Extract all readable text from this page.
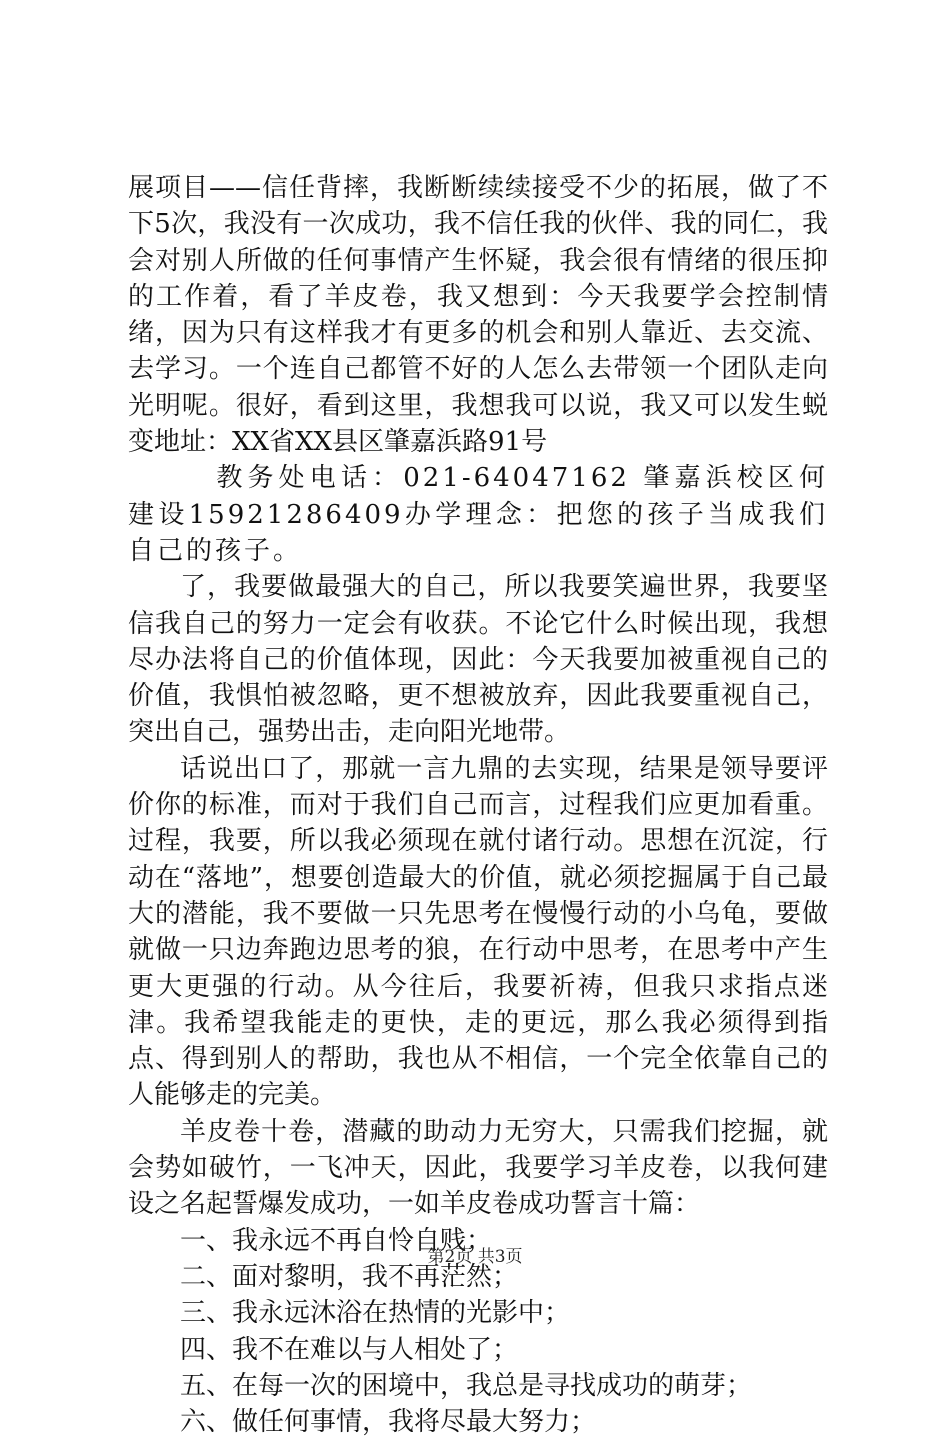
展项目——信任背摔，我断断续续接受不少的拓展，做了不下5次，我没有一次成功，我不信任我的伙伴、我的同仁，我会对别人所做的任何事情产生怀疑，我会很有情绪的很压抑的工作着，看了羊皮卷，我又想到：今天我要学会控制情绪，因为只有这样我才有更多的机会和别人靠近、去交流、去学习。一个连自己都管不好的人怎么去带领一个团队走向光明呢。很好，看到这里，我想我可以说，我又可以发生蜕变地址：XX省XX县区肇嘉浜路91号

教务处电话：021-64047162 肇嘉浜校区何建设15921286409办学理念：把您的孩子当成我们自己的孩子。

了，我要做最强大的自己，所以我要笑遍世界，我要坚信我自己的努力一定会有收获。不论它什么时候出现，我想尽办法将自己的价值体现，因此：今天我要加被重视自己的价值，我惧怕被忽略，更不想被放弃，因此我要重视自己，突出自己，强势出击，走向阳光地带。

话说出口了，那就一言九鼎的去实现，结果是领导要评价你的标准，而对于我们自己而言，过程我们应更加看重。过程，我要，所以我必须现在就付诸行动。思想在沉淀，行动在“落地”，想要创造最大的价值，就必须挖掘属于自己最大的潜能，我不要做一只先思考在慢慢行动的小乌龟，要做就做一只边奔跑边思考的狼，在行动中思考，在思考中产生更大更强的行动。从今往后，我要祈祷，但我只求指点迷津。我希望我能走的更快，走的更远，那么我必须得到指点、得到别人的帮助，我也从不相信，一个完全依靠自己的人能够走的完美。

羊皮卷十卷，潜藏的助动力无穷大，只需我们挖掘，就会势如破竹，一飞冲天，因此，我要学习羊皮卷，以我何建设之名起誓爆发成功，一如羊皮卷成功誓言十篇：

一、我永远不再自怜自贱；

二、面对黎明，我不再茫然；

三、我永远沐浴在热情的光影中；

四、我不在难以与人相处了；

五、在每一次的困境中，我总是寻找成功的萌芽；

六、做任何事情，我将尽最大努力；

第2页 共3页
